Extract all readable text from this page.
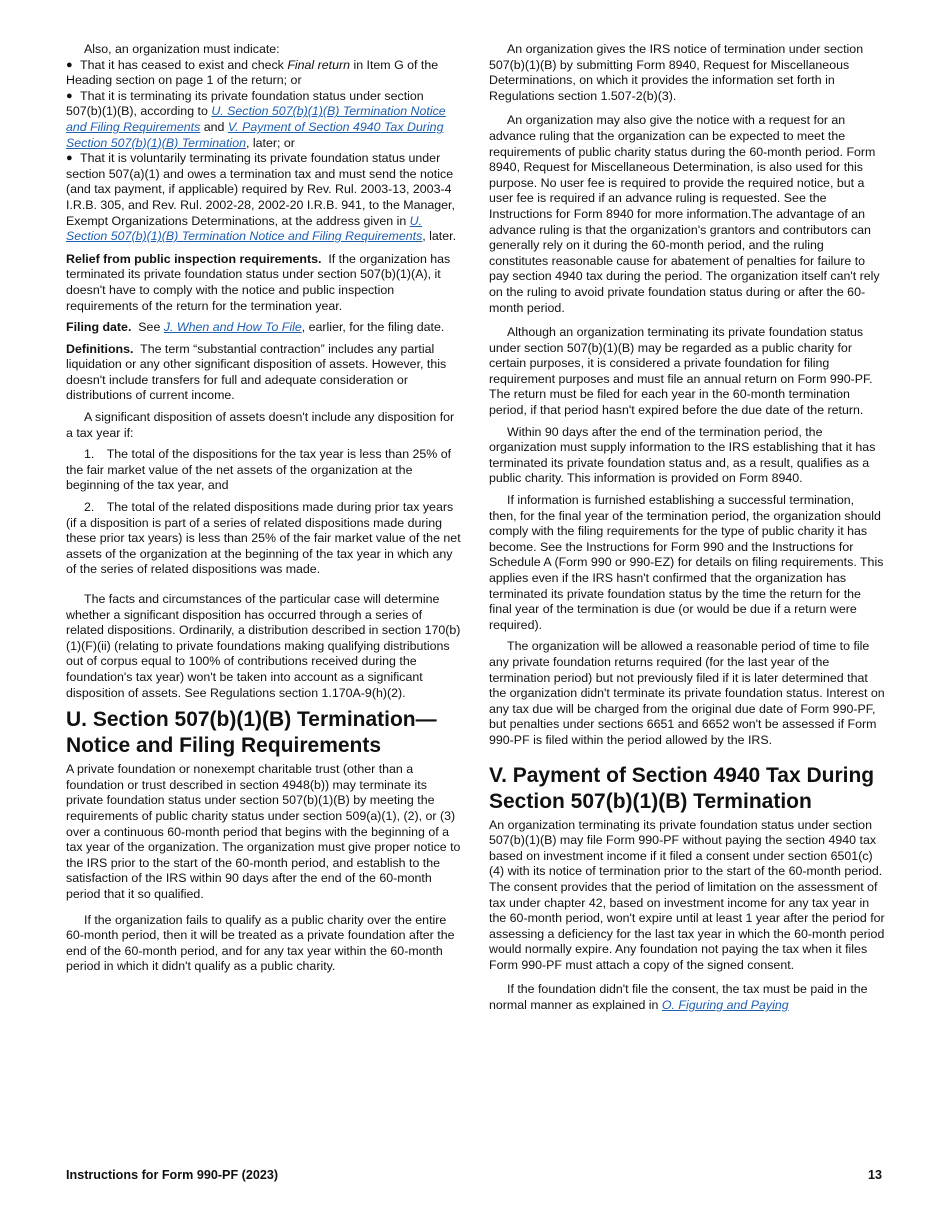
Also, an organization must indicate:

● That it has ceased to exist and check Final return in Item G of the Heading section on page 1 of the return; or

● That it is terminating its private foundation status under section 507(b)(1)(B), according to U. Section 507(b)(1)(B) Termination Notice and Filing Requirements and V. Payment of Section 4940 Tax During Section 507(b)(1)(B) Termination, later; or

● That it is voluntarily terminating its private foundation status under section 507(a)(1) and owes a termination tax and must send the notice (and tax payment, if applicable) required by Rev. Rul. 2003-13, 2003-4 I.R.B. 305, and Rev. Rul. 2002-28, 2002-20 I.R.B. 941, to the Manager, Exempt Organizations Determinations, at the address given in U. Section 507(b)(1)(B) Termination Notice and Filing Requirements, later.

Relief from public inspection requirements. If the organization has terminated its private foundation status under section 507(b)(1)(A), it doesn't have to comply with the notice and public inspection requirements of the return for the termination year.

Filing date. See J. When and How To File, earlier, for the filing date.

Definitions. The term “substantial contraction” includes any partial liquidation or any other significant disposition of assets. However, this doesn't include transfers for full and adequate consideration or distributions of current income.

A significant disposition of assets doesn't include any disposition for a tax year if:

1. The total of the dispositions for the tax year is less than 25% of the fair market value of the net assets of the organization at the beginning of the tax year, and

2. The total of the related dispositions made during prior tax years (if a disposition is part of a series of related dispositions made during these prior tax years) is less than 25% of the fair market value of the net assets of the organization at the beginning of the tax year in which any of the series of related dispositions was made.

The facts and circumstances of the particular case will determine whether a significant disposition has occurred through a series of related dispositions. Ordinarily, a distribution described in section 170(b)(1)(F)(ii) (relating to private foundations making qualifying distributions out of corpus equal to 100% of contributions received during the foundation's tax year) won't be taken into account as a significant disposition of assets. See Regulations section 1.170A-9(h)(2).

U. Section 507(b)(1)(B) Termination—Notice and Filing Requirements

A private foundation or nonexempt charitable trust (other than a foundation or trust described in section 4948(b)) may terminate its private foundation status under section 507(b)(1)(B) by meeting the requirements of public charity status under section 509(a)(1), (2), or (3) over a continuous 60-month period that begins with the beginning of a tax year of the organization. The organization must give proper notice to the IRS prior to the start of the 60-month period, and establish to the satisfaction of the IRS within 90 days after the end of the 60-month period that it so qualified.

If the organization fails to qualify as a public charity over the entire 60-month period, then it will be treated as a private foundation after the end of the 60-month period, and for any tax year within the 60-month period in which it didn't qualify as a public charity.

An organization gives the IRS notice of termination under section 507(b)(1)(B) by submitting Form 8940, Request for Miscellaneous Determinations, on which it provides the information set forth in Regulations section 1.507-2(b)(3).

An organization may also give the notice with a request for an advance ruling that the organization can be expected to meet the requirements of public charity status during the 60-month period. Form 8940, Request for Miscellaneous Determination, is also used for this purpose. No user fee is required to provide the required notice, but a user fee is required if an advance ruling is requested. See the Instructions for Form 8940 for more information.The advantage of an advance ruling is that the organization's grantors and contributors can generally rely on it during the 60-month period, and the ruling constitutes reasonable cause for abatement of penalties for failure to pay section 4940 tax during the period. The organization itself can't rely on the ruling to avoid private foundation status during or after the 60-month period.

Although an organization terminating its private foundation status under section 507(b)(1)(B) may be regarded as a public charity for certain purposes, it is considered a private foundation for filing requirement purposes and must file an annual return on Form 990-PF. The return must be filed for each year in the 60-month termination period, if that period hasn't expired before the due date of the return.

Within 90 days after the end of the termination period, the organization must supply information to the IRS establishing that it has terminated its private foundation status and, as a result, qualifies as a public charity. This information is provided on Form 8940.

If information is furnished establishing a successful termination, then, for the final year of the termination period, the organization should comply with the filing requirements for the type of public charity it has become. See the Instructions for Form 990 and the Instructions for Schedule A (Form 990 or 990-EZ) for details on filing requirements. This applies even if the IRS hasn't confirmed that the organization has terminated its private foundation status by the time the return for the final year of the termination is due (or would be due if a return were required).

The organization will be allowed a reasonable period of time to file any private foundation returns required (for the last year of the termination period) but not previously filed if it is later determined that the organization didn't terminate its private foundation status. Interest on any tax due will be charged from the original due date of Form 990-PF, but penalties under sections 6651 and 6652 won't be assessed if Form 990-PF is filed within the period allowed by the IRS.

V. Payment of Section 4940 Tax During Section 507(b)(1)(B) Termination

An organization terminating its private foundation status under section 507(b)(1)(B) may file Form 990-PF without paying the section 4940 tax based on investment income if it filed a consent under section 6501(c)(4) with its notice of termination prior to the start of the 60-month period. The consent provides that the period of limitation on the assessment of tax under chapter 42, based on investment income for any tax year in the 60-month period, won't expire until at least 1 year after the period for assessing a deficiency for the last tax year in which the 60-month period would normally expire. Any foundation not paying the tax when it files Form 990-PF must attach a copy of the signed consent.

If the foundation didn't file the consent, the tax must be paid in the normal manner as explained in O. Figuring and Paying

Instructions for Form 990-PF (2023)	13
